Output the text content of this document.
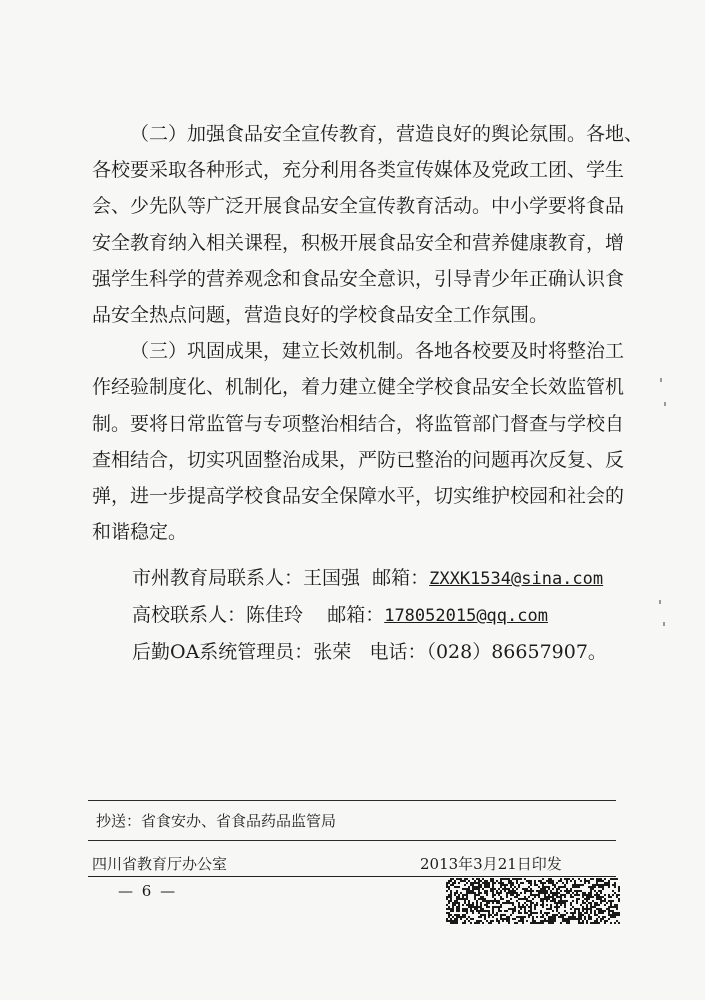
（二）加强食品安全宣传教育，营造良好的舆论氛围。各地、
各校要采取各种形式，充分利用各类宣传媒体及党政工团、学生
会、少先队等广泛开展食品安全宣传教育活动。中小学要将食品
安全教育纳入相关课程，积极开展食品安全和营养健康教育，增
强学生科学的营养观念和食品安全意识，引导青少年正确认识食
品安全热点问题，营造良好的学校食品安全工作氛围。

（三）巩固成果，建立长效机制。各地各校要及时将整治工
作经验制度化、机制化，着力建立健全学校食品安全长效监管机
制。要将日常监管与专项整治相结合，将监管部门督查与学校自
查相结合，切实巩固整治成果，严防已整治的问题再次反复、反
弹，进一步提高学校食品安全保障水平，切实维护校园和社会的
和谐稳定。

市州教育局联系人：王国强 邮箱：ZXXK1534@sina.com
高校联系人：陈佳玲 邮箱：178052015@qq.com
后勤OA系统管理员：张荣 电话：（028）86657907。
抄送：省食安办、省食品药品监管局
四川省教育厅办公室	2013年3月21日印发
— 6 —
